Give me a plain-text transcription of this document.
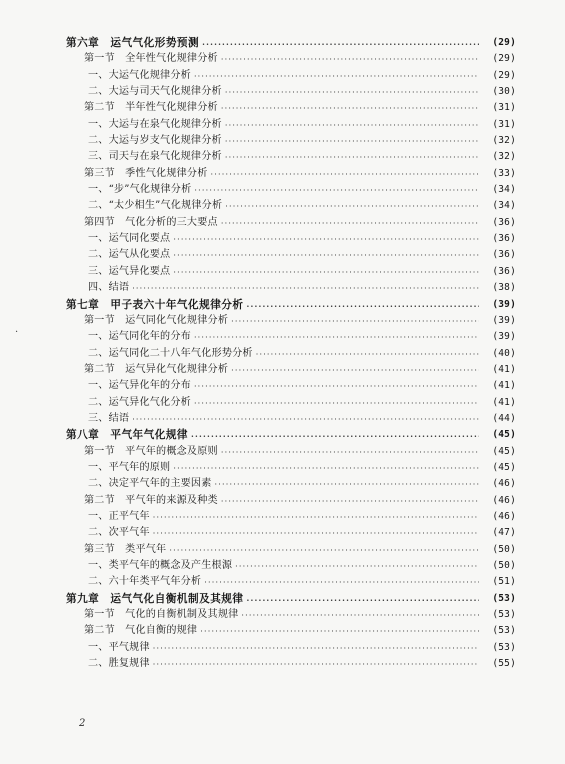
·
第六章　运气气化形势预测 ·····	(29)
第一节　全年性气化规律分析 ·····	(29)
一、大运气化规律分析 ·····	(29)
二、大运与司天气化规律分析 ·····	(30)
第二节　半年性气化规律分析 ·····	(31)
一、大运与在泉气化规律分析 ·····	(31)
二、大运与岁支气化规律分析 ·····	(32)
三、司天与在泉气化规律分析 ·····	(32)
第三节　季性气化规律分析 ·····	(33)
一、“步”气化规律分析 ·····	(34)
二、“太少相生”气化规律分析 ·····	(34)
第四节　气化分析的三大要点 ·····	(36)
一、运气同化要点 ·····	(36)
二、运气从化要点 ·····	(36)
三、运气异化要点 ·····	(36)
四、结语 ·····	(38)
第七章　甲子表六十年气化规律分析 ·····	(39)
第一节　运气同化气化规律分析 ·····	(39)
一、运气同化年的分布 ·····	(39)
二、运气同化二十八年气化形势分析 ·····	(40)
第二节　运气异化气化规律分析 ·····	(41)
一、运气异化年的分布 ·····	(41)
二、运气异化气化分析 ·····	(41)
三、结语 ·····	(44)
第八章　平气年气化规律 ·····	(45)
第一节　平气年的概念及原则 ·····	(45)
一、平气年的原则 ·····	(45)
二、决定平气年的主要因素 ·····	(46)
第二节　平气年的来源及种类 ·····	(46)
一、正平气年 ·····	(46)
二、次平气年 ·····	(47)
第三节　类平气年 ·····	(50)
一、类平气年的概念及产生根源 ·····	(50)
二、六十年类平气年分析 ·····	(51)
第九章　运气气化自衡机制及其规律 ·····	(53)
第一节　气化的自衡机制及其规律 ·····	(53)
第二节　气化自衡的规律 ·····	(53)
一、平气规律 ·····	(53)
二、胜复规律 ·····	(55)
2
